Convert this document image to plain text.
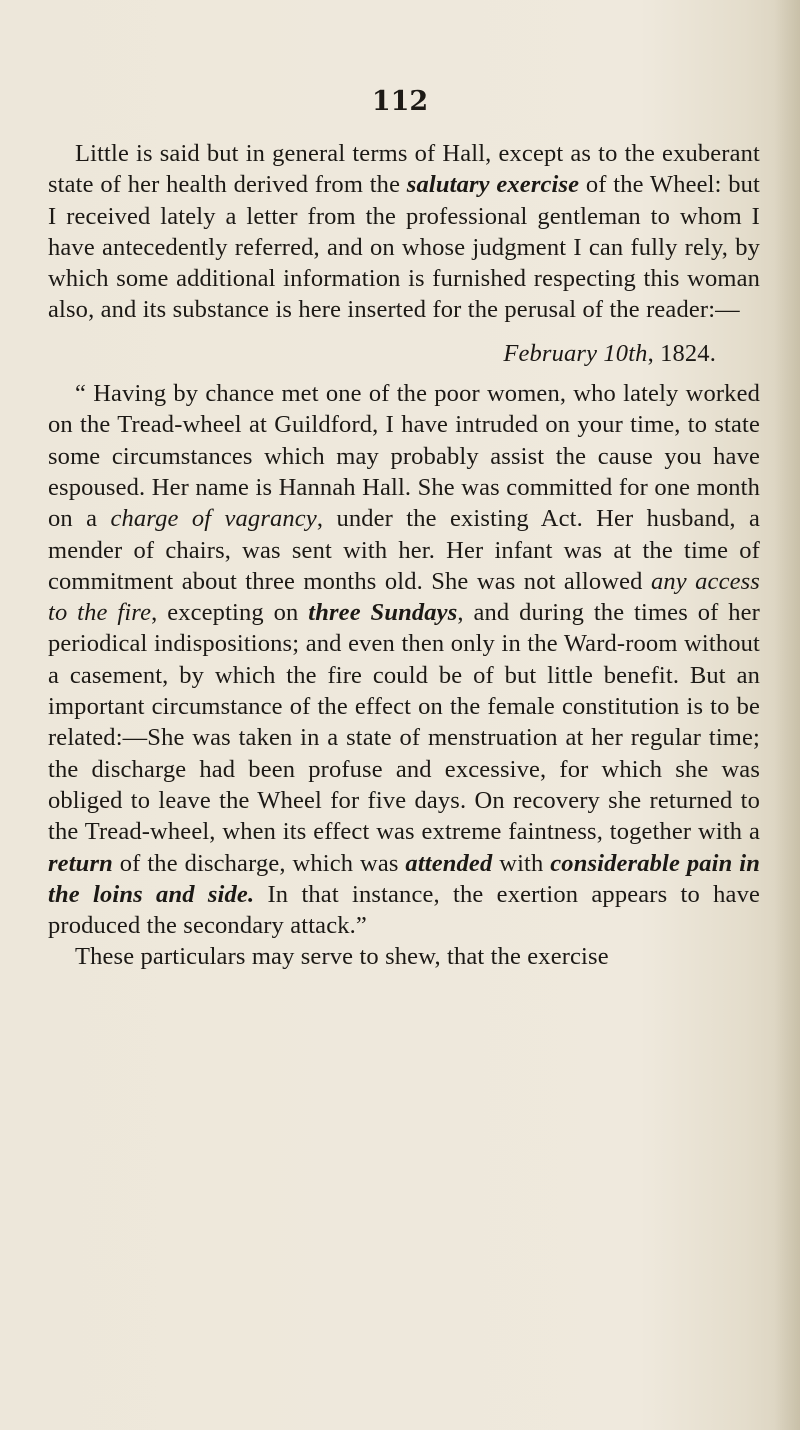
112

Little is said but in general terms of Hall, except as to the exuberant state of her health derived from the salutary exercise of the Wheel: but I received lately a letter from the professional gentleman to whom I have antecedently referred, and on whose judgment I can fully rely, by which some additional information is furnished respecting this woman also, and its substance is here inserted for the perusal of the reader:—

February 10th, 1824.

“ Having by chance met one of the poor women, who lately worked on the Tread-wheel at Guildford, I have intruded on your time, to state some circumstances which may probably assist the cause you have espoused. Her name is Hannah Hall. She was committed for one month on a charge of vagrancy, under the existing Act. Her husband, a mender of chairs, was sent with her. Her infant was at the time of commitment about three months old. She was not allowed any access to the fire, excepting on three Sundays, and during the times of her periodical indispositions; and even then only in the Ward-room without a casement, by which the fire could be of but little benefit. But an important circumstance of the effect on the female constitution is to be related:—She was taken in a state of menstruation at her regular time; the discharge had been profuse and excessive, for which she was obliged to leave the Wheel for five days. On recovery she returned to the Tread-wheel, when its effect was extreme faintness, together with a return of the discharge, which was attended with considerable pain in the loins and side. In that instance, the exertion appears to have produced the secondary attack.”

These particulars may serve to shew, that the exercise
